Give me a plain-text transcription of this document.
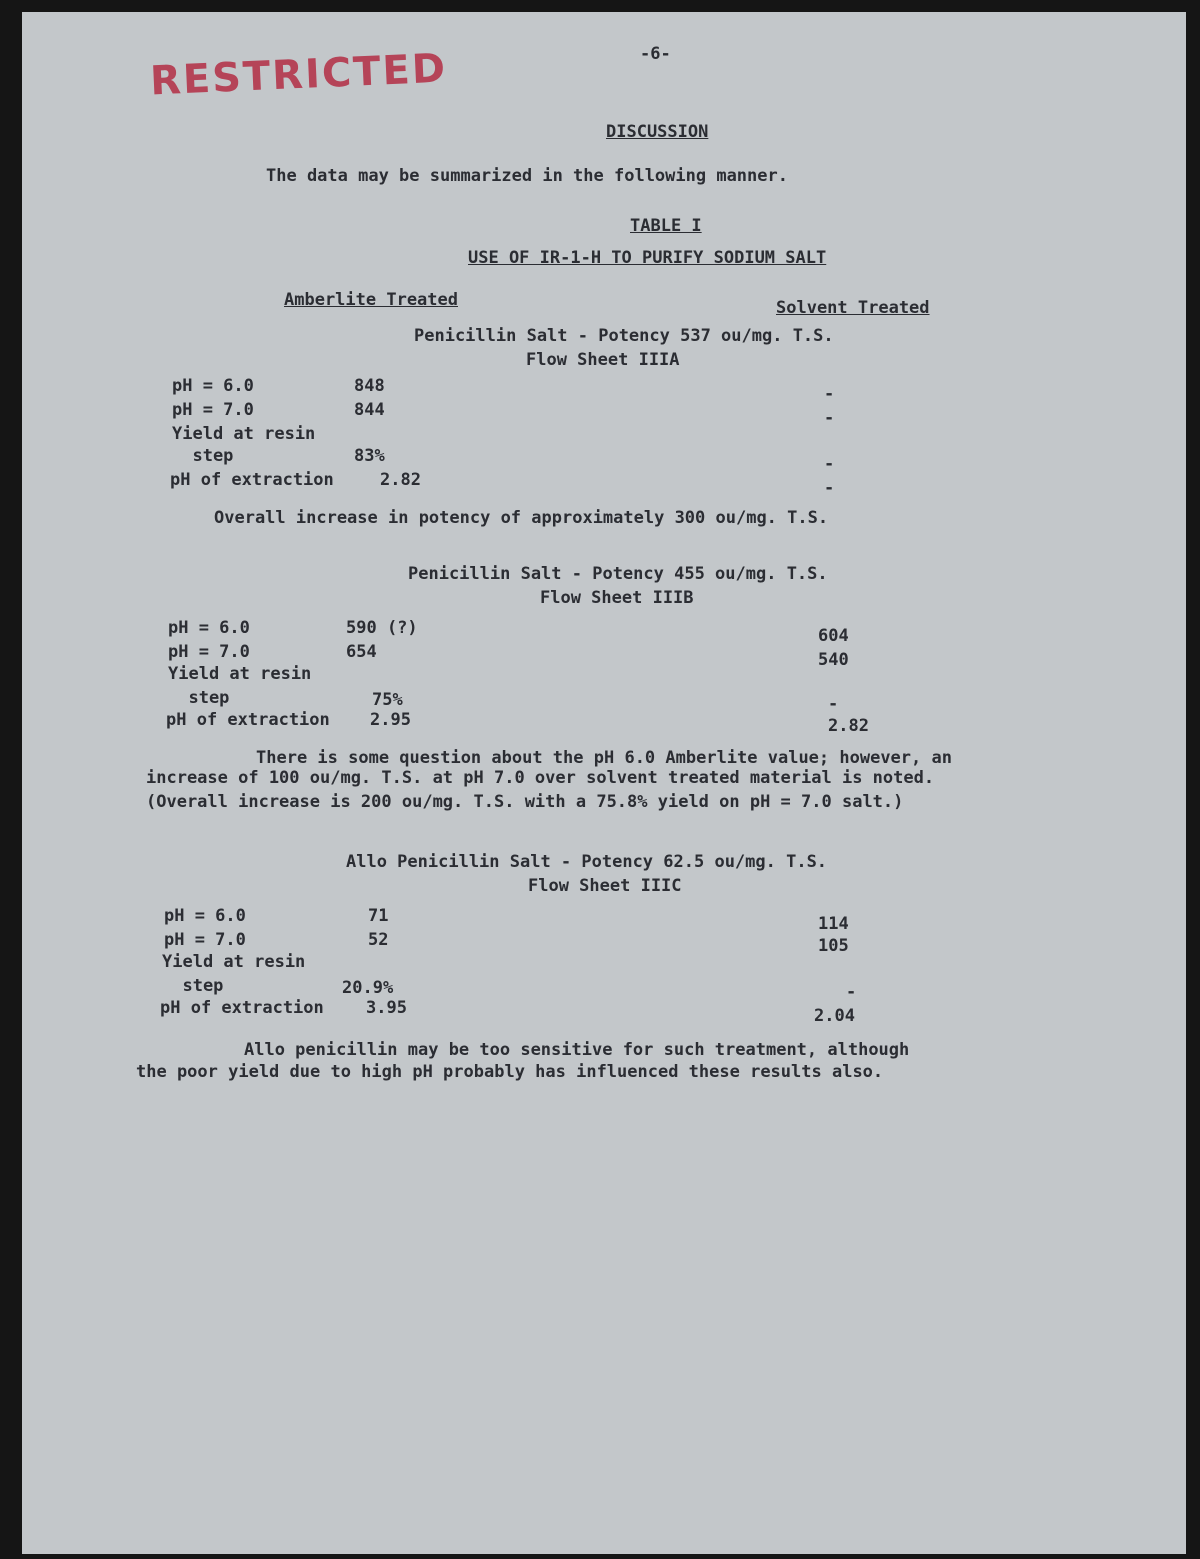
RESTRICTED	-6-
DISCUSSION
The data may be summarized in the following manner.
TABLE I
USE OF IR-1-H TO PURIFY SODIUM SALT
Amberlite Treated	Solvent Treated
Penicillin Salt - Potency 537 ou/mg. T.S.
Flow Sheet IIIA
pH = 6.0	848	-
pH = 7.0	844	-
Yield at resin
step	83%	-
pH of extraction	2.82	-
Overall increase in potency of approximately 300 ou/mg. T.S.
Penicillin Salt - Potency 455 ou/mg. T.S.
Flow Sheet IIIB
pH = 6.0	590 (?)	604
pH = 7.0	654	540
Yield at resin
step	75%	-
pH of extraction 2.95	2.82
There is some question about the pH 6.0 Amberlite value; however, an
increase of 100 ou/mg. T.S. at pH 7.0 over solvent treated material is noted.
(Overall increase is 200 ou/mg. T.S. with a 75.8% yield on pH = 7.0 salt.)
Allo Penicillin Salt - Potency 62.5 ou/mg. T.S.
Flow Sheet IIIC
pH = 6.0	71	114
pH = 7.0	52	105
Yield at resin
step	20.9%	-
pH of extraction 3.95	2.04
Allo penicillin may be too sensitive for such treatment, although
the poor yield due to high pH probably has influenced these results also.
